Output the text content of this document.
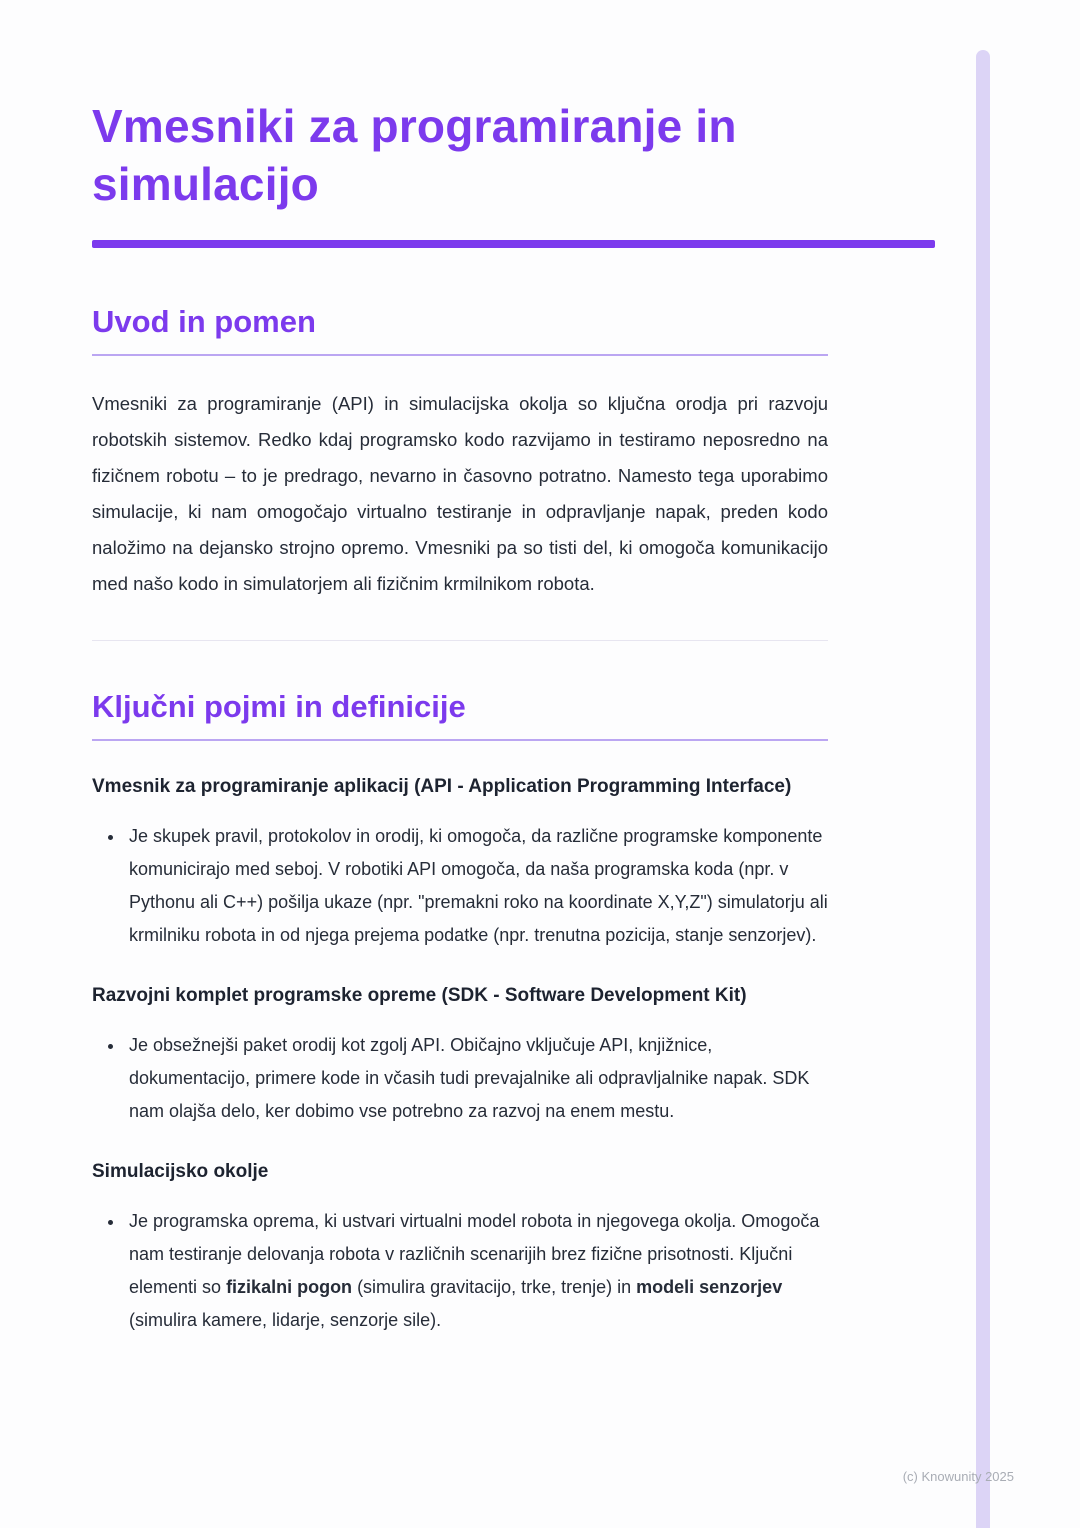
Vmesniki za programiranje in simulacijo
Uvod in pomen

Vmesniki za programiranje (API) in simulacijska okolja so ključna orodja pri razvoju robotskih sistemov. Redko kdaj programsko kodo razvijamo in testiramo neposredno na fizičnem robotu – to je predrago, nevarno in časovno potratno. Namesto tega uporabimo simulacije, ki nam omogočajo virtualno testiranje in odpravljanje napak, preden kodo naložimo na dejansko strojno opremo. Vmesniki pa so tisti del, ki omogoča komunikacijo med našo kodo in simulatorjem ali fizičnim krmilnikom robota.

Ključni pojmi in definicije
Vmesnik za programiranje aplikacij (API - Application Programming Interface)
• Je skupek pravil, protokolov in orodij, ki omogoča, da različne programske komponente komunicirajo med seboj. V robotiki API omogoča, da naša programska koda (npr. v Pythonu ali C++) pošilja ukaze (npr. "premakni roko na koordinate X,Y,Z") simulatorju ali krmilniku robota in od njega prejema podatke (npr. trenutna pozicija, stanje senzorjev).
Razvojni komplet programske opreme (SDK - Software Development Kit)
• Je obsežnejši paket orodij kot zgolj API. Običajno vključuje API, knjižnice, dokumentacijo, primere kode in včasih tudi prevajalnike ali odpravljalnike napak. SDK nam olajša delo, ker dobimo vse potrebno za razvoj na enem mestu.
Simulacijsko okolje
• Je programska oprema, ki ustvari virtualni model robota in njegovega okolja. Omogoča nam testiranje delovanja robota v različnih scenarijih brez fizične prisotnosti. Ključni elementi so fizikalni pogon (simulira gravitacijo, trke, trenje) in modeli senzorjev (simulira kamere, lidarje, senzorje sile).
(c) Knowunity 2025
